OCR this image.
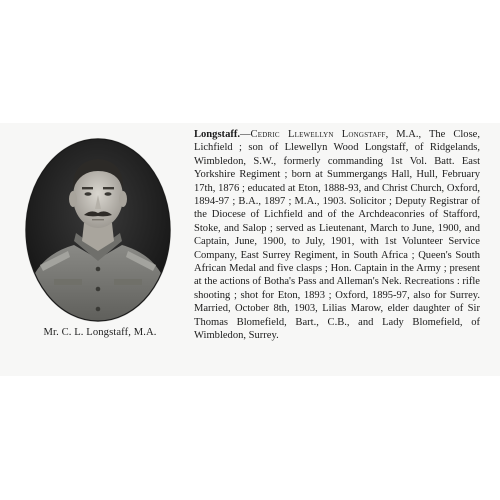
Mr. C. L. Longstaff, M.A.
Longstaff.—Cedric Llewellyn Longstaff, M.A., The Close, Lichfield ; son of Llewellyn Wood Longstaff, of Ridgelands, Wimbledon, S.W., formerly commanding 1st Vol. Batt. East Yorkshire Regiment ; born at Summergangs Hall, Hull, February 17th, 1876 ; educated at Eton, 1888-93, and Christ Church, Oxford, 1894-97 ; B.A., 1897 ; M.A., 1903. Solicitor ; Deputy Registrar of the Diocese of Lichfield and of the Archdeaconries of Stafford, Stoke, and Salop ; served as Lieutenant, March to June, 1900, and Captain, June, 1900, to July, 1901, with 1st Volunteer Service Company, East Surrey Regiment, in South Africa ; Queen's South African Medal and five clasps ; Hon. Captain in the Army ; present at the actions of Botha's Pass and Alleman's Nek. Recreations : rifle shooting ; shot for Eton, 1893 ; Oxford, 1895-97, also for Surrey. Married, October 8th, 1903, Lilias Marow, elder daughter of Sir Thomas Blomefield, Bart., C.B., and Lady Blomefield, of Wimbledon, Surrey.
